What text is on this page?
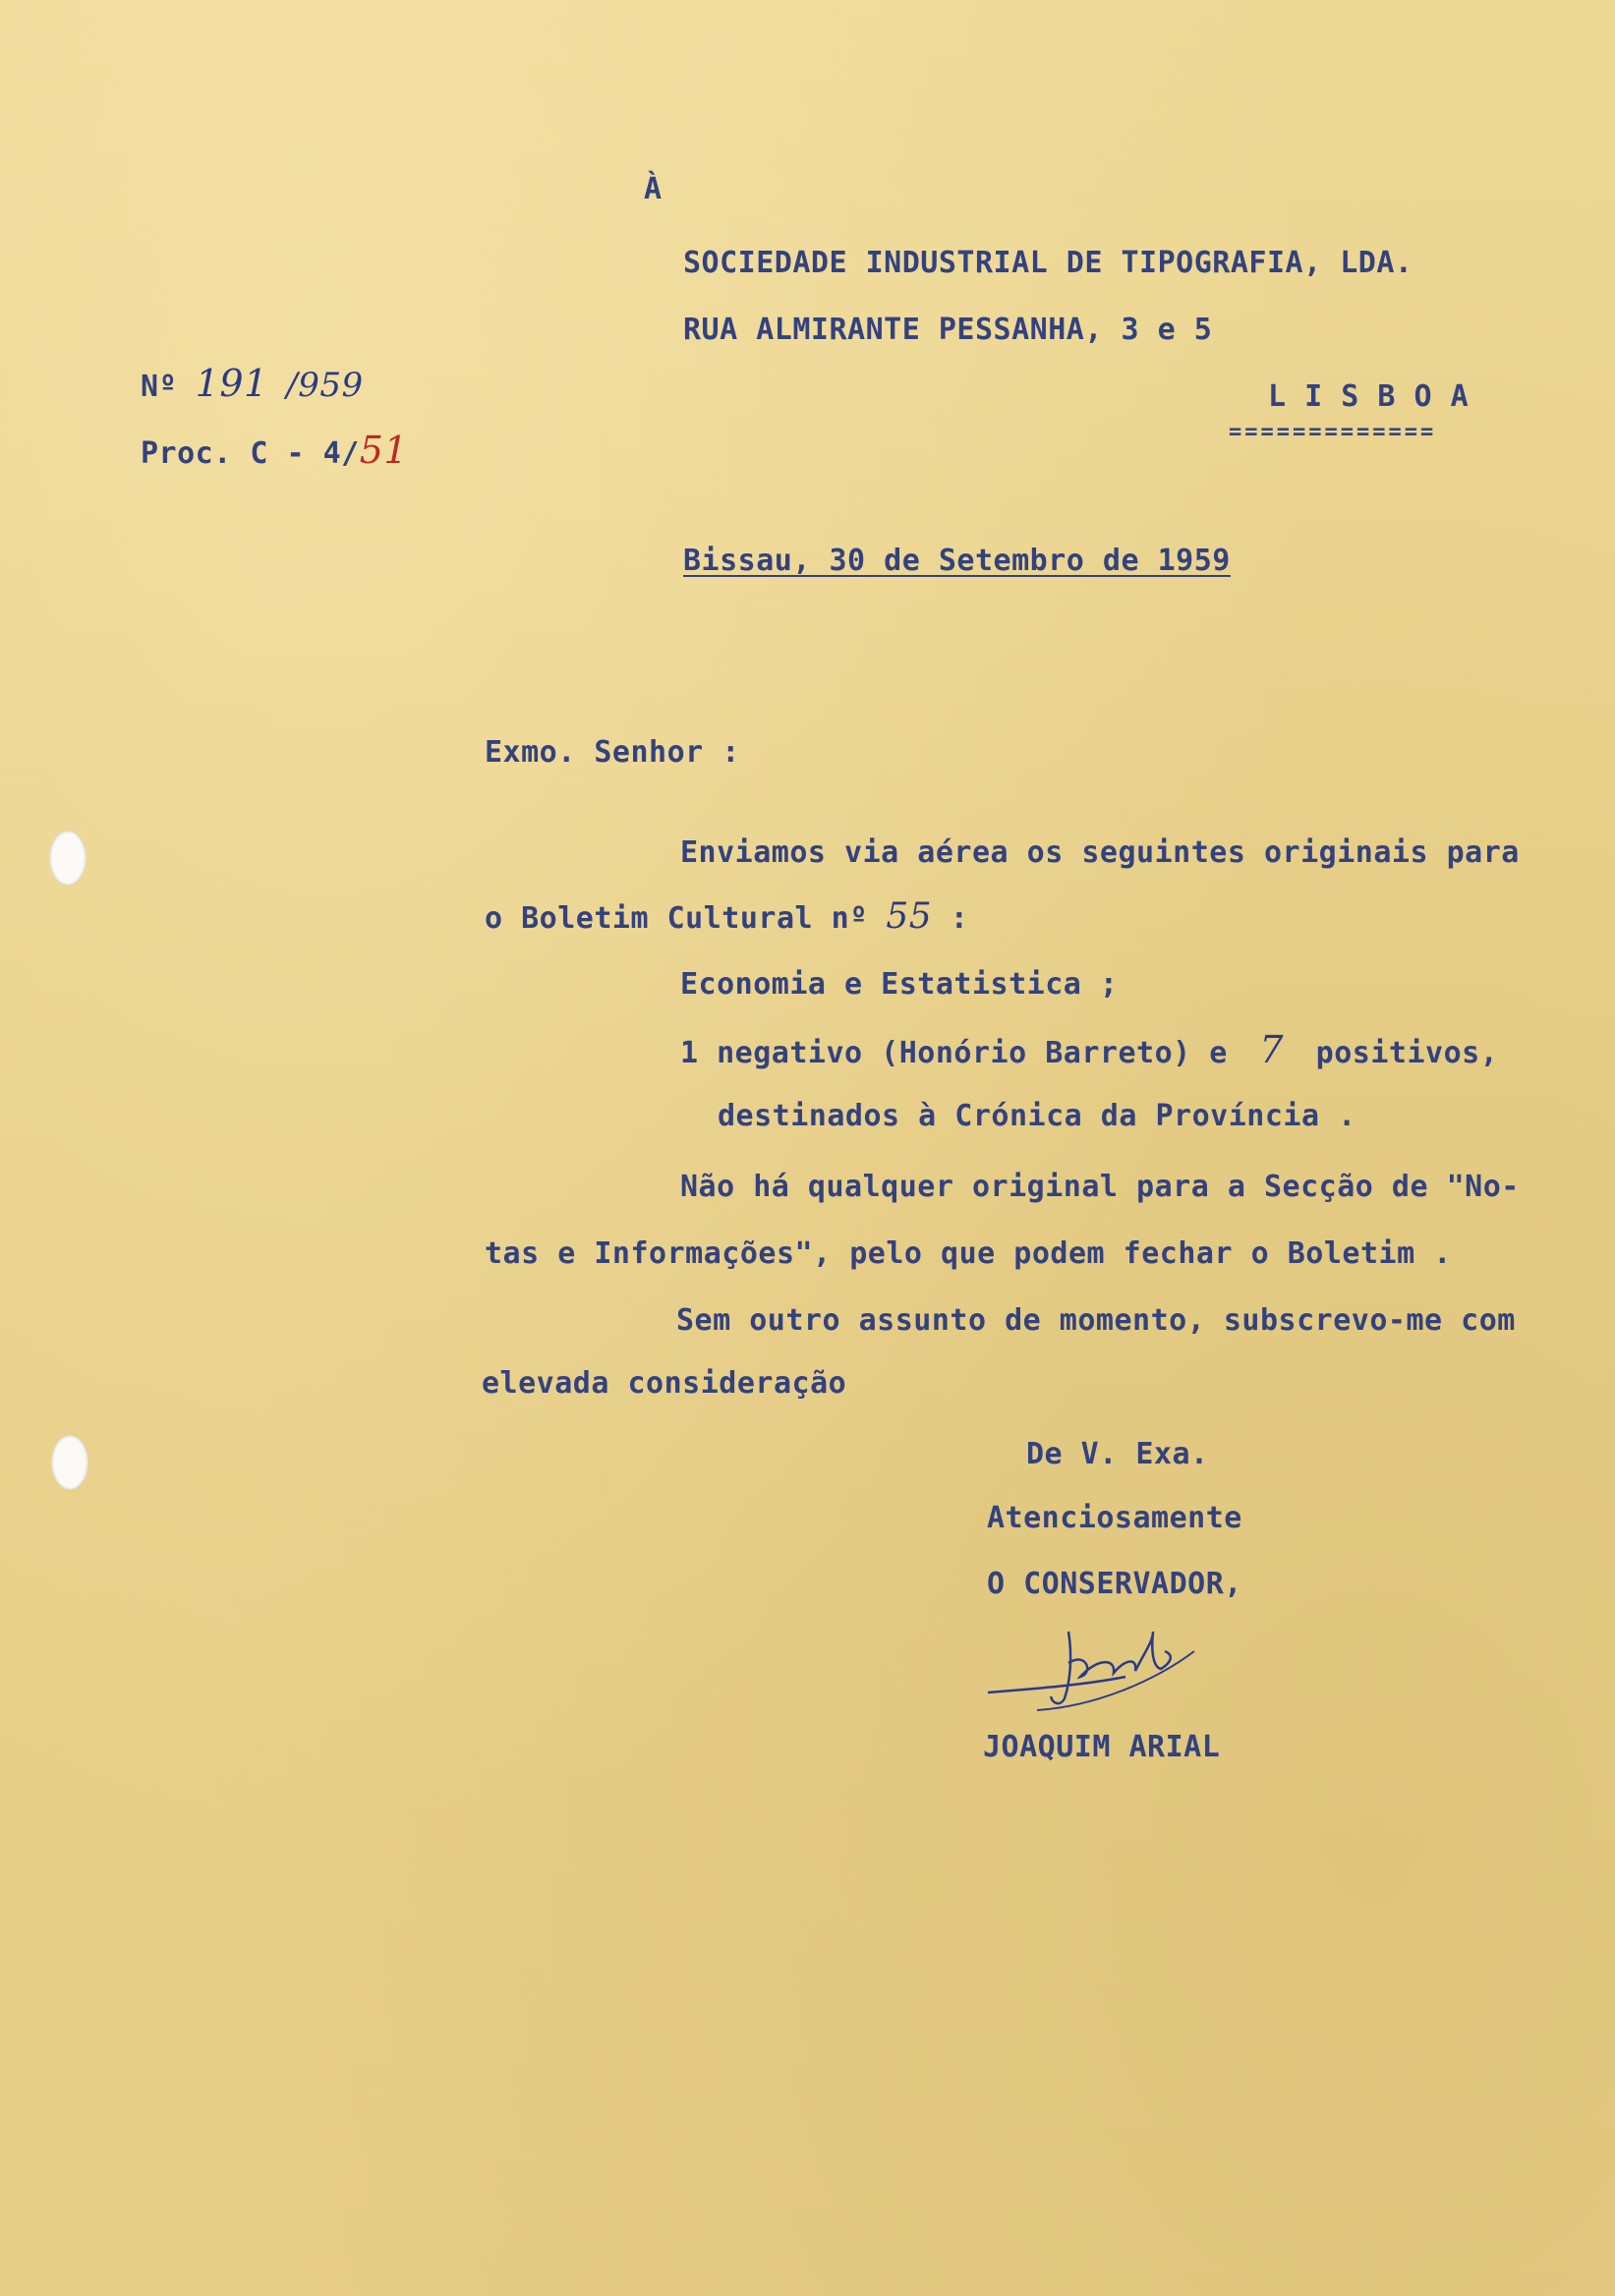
À
SOCIEDADE INDUSTRIAL DE TIPOGRAFIA, LDA.
RUA ALMIRANTE PESSANHA, 3 e 5
L I S B O A
=============
Nº 191 /959
Proc. C - 4/51
Bissau, 30 de Setembro de 1959
Exmo. Senhor :
Enviamos via aérea os seguintes originais para
o Boletim Cultural nº 55 :
Economia e Estatistica ;
1 negativo (Honório Barreto) e 7 positivos,
destinados à Crónica da Província .
Não há qualquer original para a Secção de "No-
tas e Informações", pelo que podem fechar o Boletim .
Sem outro assunto de momento, subscrevo-me com
elevada consideração
De V. Exa.
Atenciosamente
O CONSERVADOR,
JOAQUIM ARIAL
